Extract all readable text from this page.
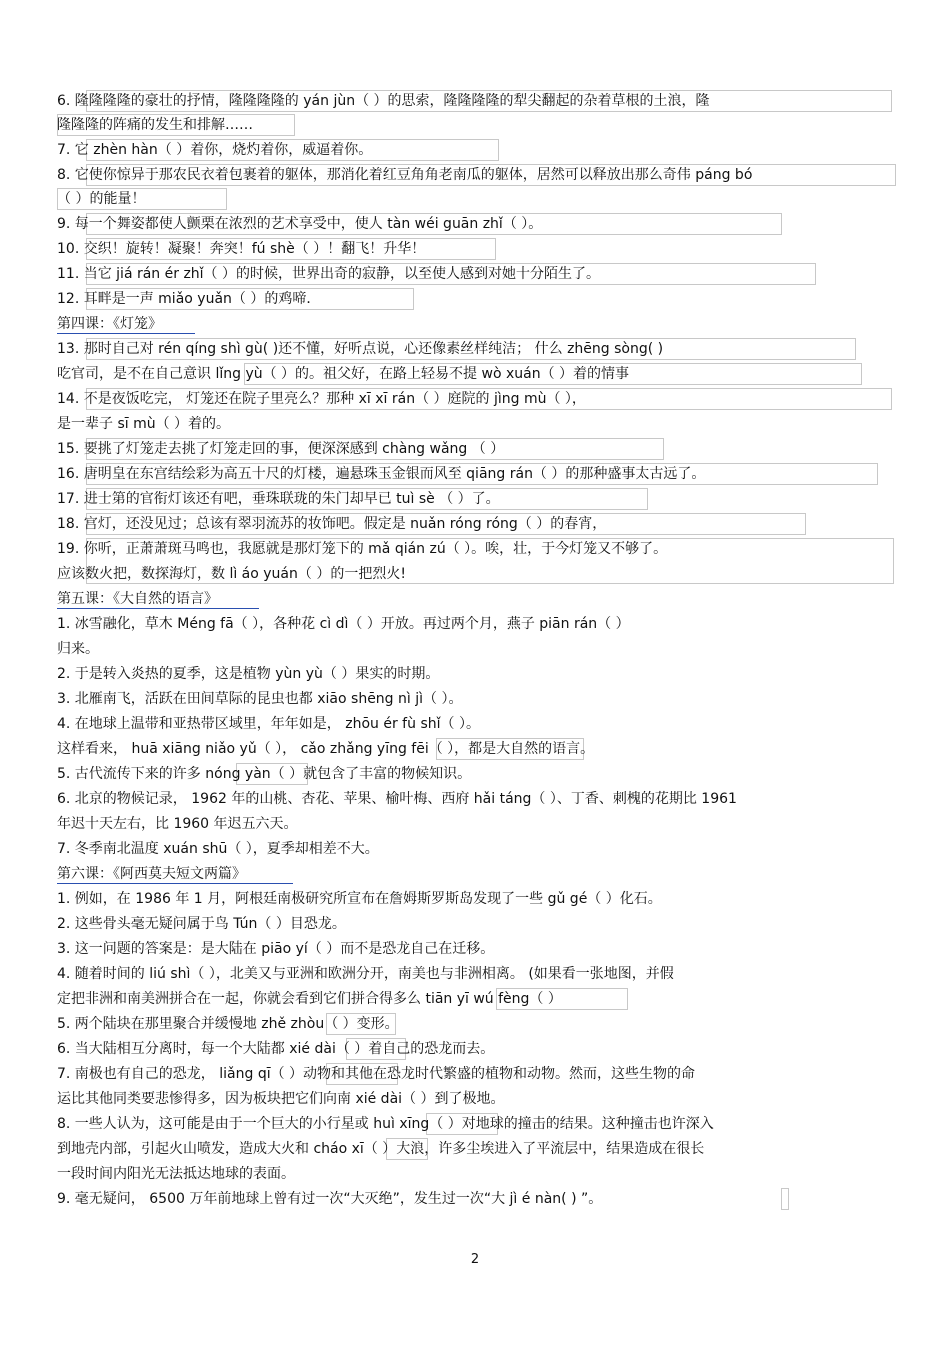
6. 隆隆隆隆的豪壮的抒情，隆隆隆隆的 yán jùn（ ）的思索，隆隆隆隆的犁尖翻起的杂着草根的土浪，隆
隆隆隆的阵痛的发生和排解……
7. 它 zhèn hàn（ ）着你，烧灼着你，威逼着你。
8. 它使你惊异于那农民衣着包裹着的躯体，那消化着红豆角角老南瓜的躯体，居然可以释放出那么奇伟 páng bó
（ ）的能量！
9. 每一个舞姿都使人颤栗在浓烈的艺术享受中，使人 tàn wéi guān zhǐ（ ）。
10. 交织！旋转！凝聚！奔突！fú shè（ ）！翻飞！升华！
11. 当它 jiá rán ér zhǐ（ ）的时候，世界出奇的寂静，以至使人感到对她十分陌生了。
12. 耳畔是一声 miǎo yuǎn（ ）的鸡啼．
第四课：《灯笼》
13. 那时自己对 rén qíng shì gù( )还不懂，好听点说，心还像素丝样纯洁； 什么 zhēng sòng( )
吃官司，是不在自己意识 lǐng yù（ ）的。祖父好，在路上轻易不提 wò xuán（ ）着的情事
14. 不是夜饭吃完， 灯笼还在院子里亮么？那种 xī xī rán（ ）庭院的 jìng mù（ ），
是一辈子 sī mù（ ）着的。
15. 要挑了灯笼走去挑了灯笼走回的事，便深深感到 chàng wǎng （ ）
16. 唐明皇在东宫结绘彩为高五十尺的灯楼，遍悬珠玉金银而风至 qiāng rán（ ）的那种盛事太古远了。
17. 进士第的官衔灯该还有吧，垂珠联珑的朱门却早已 tuì sè （ ）了。
18. 宫灯，还没见过；总该有翠羽流苏的妆饰吧。假定是 nuǎn róng róng（ ）的春宵，
19. 你听，正萧萧斑马鸣也，我愿就是那灯笼下的 mǎ qián zú（ ）。唉，壮，于今灯笼又不够了。
应该数火把，数探海灯，数 lì áo yuán（ ）的一把烈火!
第五课：《大自然的语言》
1. 冰雪融化，草木 Méng fā（ ），各种花 cì dì（ ）开放。再过两个月，燕子 piān rán（ ）
归来。
2. 于是转入炎热的夏季，这是植物 yùn yù（ ）果实的时期。
3. 北雁南飞，活跃在田间草际的昆虫也都 xiāo shēng nì jì（ ）。
4. 在地球上温带和亚热带区域里，年年如是， zhōu ér fù shǐ（ ）。
这样看来， huā xiāng niǎo yǔ（ ）， cǎo zhǎng yīng fēi（ ），都是大自然的语言。
5. 古代流传下来的许多 nóng yàn（ ）就包含了丰富的物候知识。
6. 北京的物候记录， 1962 年的山桃、杏花、苹果、榆叶梅、西府 hǎi táng（ ）、丁香、刺槐的花期比 1961
年迟十天左右，比 1960 年迟五六天。
7. 冬季南北温度 xuán shū（ ），夏季却相差不大。
第六课：《阿西莫夫短文两篇》
1. 例如，在 1986 年 1 月，阿根廷南极研究所宣布在詹姆斯罗斯岛发现了一些 gǔ gé（ ）化石。
2. 这些骨头毫无疑问属于鸟 Tún（ ）目恐龙。
3. 这一问题的答案是：是大陆在 piāo yí（ ）而不是恐龙自己在迁移。
4. 随着时间的 liú shì（ ），北美又与亚洲和欧洲分开，南美也与非洲相离。 (如果看一张地图，并假
定把非洲和南美洲拼合在一起，你就会看到它们拼合得多么 tiān yī wú fèng（ ）
5. 两个陆块在那里聚合并缓慢地 zhě zhòu（ ）变形。
6. 当大陆相互分离时，每一个大陆都 xié dài（ ）着自己的恐龙而去。
7. 南极也有自己的恐龙， liǎng qī（ ）动物和其他在恐龙时代繁盛的植物和动物。然而，这些生物的命
运比其他同类要悲惨得多，因为板块把它们向南 xié dài（ ）到了极地。
8. 一些人认为，这可能是由于一个巨大的小行星或 huì xīng（ ）对地球的撞击的结果。这种撞击也许深入
到地壳内部，引起火山喷发，造成大火和 cháo xī（ ）大浪，许多尘埃进入了平流层中，结果造成在很长
一段时间内阳光无法抵达地球的表面。
9. 毫无疑问， 6500 万年前地球上曾有过一次“大灭绝”，发生过一次“大 jì é nàn( ) ”。
2
